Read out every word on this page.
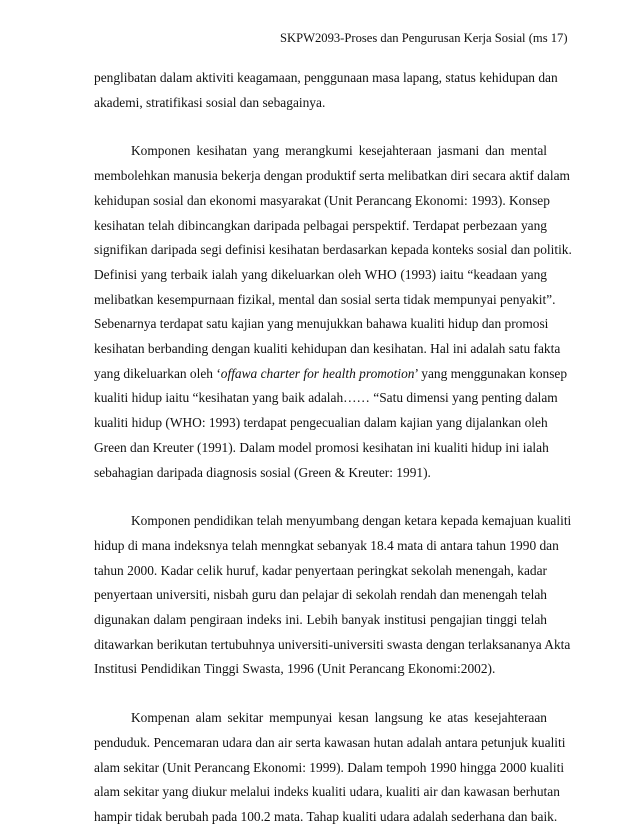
SKPW2093-Proses dan Pengurusan Kerja Sosial (ms 17)

penglibatan dalam aktiviti keagamaan, penggunaan masa lapang, status kehidupan dan
akademi, stratifikasi sosial dan sebagainya.

Komponen kesihatan yang merangkumi kesejahteraan jasmani dan mental
membolehkan manusia bekerja dengan produktif serta melibatkan diri secara aktif dalam
kehidupan sosial dan ekonomi masyarakat (Unit Perancang Ekonomi: 1993). Konsep
kesihatan telah dibincangkan daripada pelbagai perspektif. Terdapat perbezaan yang
signifikan daripada segi definisi kesihatan berdasarkan kepada konteks sosial dan politik.
Definisi yang terbaik ialah yang dikeluarkan oleh WHO (1993) iaitu “keadaan yang
melibatkan kesempurnaan fizikal, mental dan sosial serta tidak mempunyai penyakit”.
Sebenarnya terdapat satu kajian yang menujukkan bahawa kualiti hidup dan promosi
kesihatan berbanding dengan kualiti kehidupan dan kesihatan. Hal ini adalah satu fakta
yang dikeluarkan oleh ‘offawa charter for health promotion’ yang menggunakan konsep
kualiti hidup iaitu “kesihatan yang baik adalah…… “Satu dimensi yang penting dalam
kualiti hidup (WHO: 1993) terdapat pengecualian dalam kajian yang dijalankan oleh
Green dan Kreuter (1991). Dalam model promosi kesihatan ini kualiti hidup ini ialah
sebahagian daripada diagnosis sosial (Green & Kreuter: 1991).

Komponen pendidikan telah menyumbang dengan ketara kepada kemajuan kualiti
hidup di mana indeksnya telah menngkat sebanyak 18.4 mata di antara tahun 1990 dan
tahun 2000. Kadar celik huruf, kadar penyertaan peringkat sekolah menengah, kadar
penyertaan universiti, nisbah guru dan pelajar di sekolah rendah dan menengah telah
digunakan dalam pengiraan indeks ini. Lebih banyak institusi pengajian tinggi telah
ditawarkan berikutan tertubuhnya universiti-universiti swasta dengan terlaksananya Akta
Institusi Pendidikan Tinggi Swasta, 1996 (Unit Perancang Ekonomi:2002).

Kompenan alam sekitar mempunyai kesan langsung ke atas kesejahteraan
penduduk. Pencemaran udara dan air serta kawasan hutan adalah antara petunjuk kualiti
alam sekitar (Unit Perancang Ekonomi: 1999). Dalam tempoh 1990 hingga 2000 kualiti
alam sekitar yang diukur melalui indeks kualiti udara, kualiti air dan kawasan berhutan
hampir tidak berubah pada 100.2 mata. Tahap kualiti udara adalah sederhana dan baik.
